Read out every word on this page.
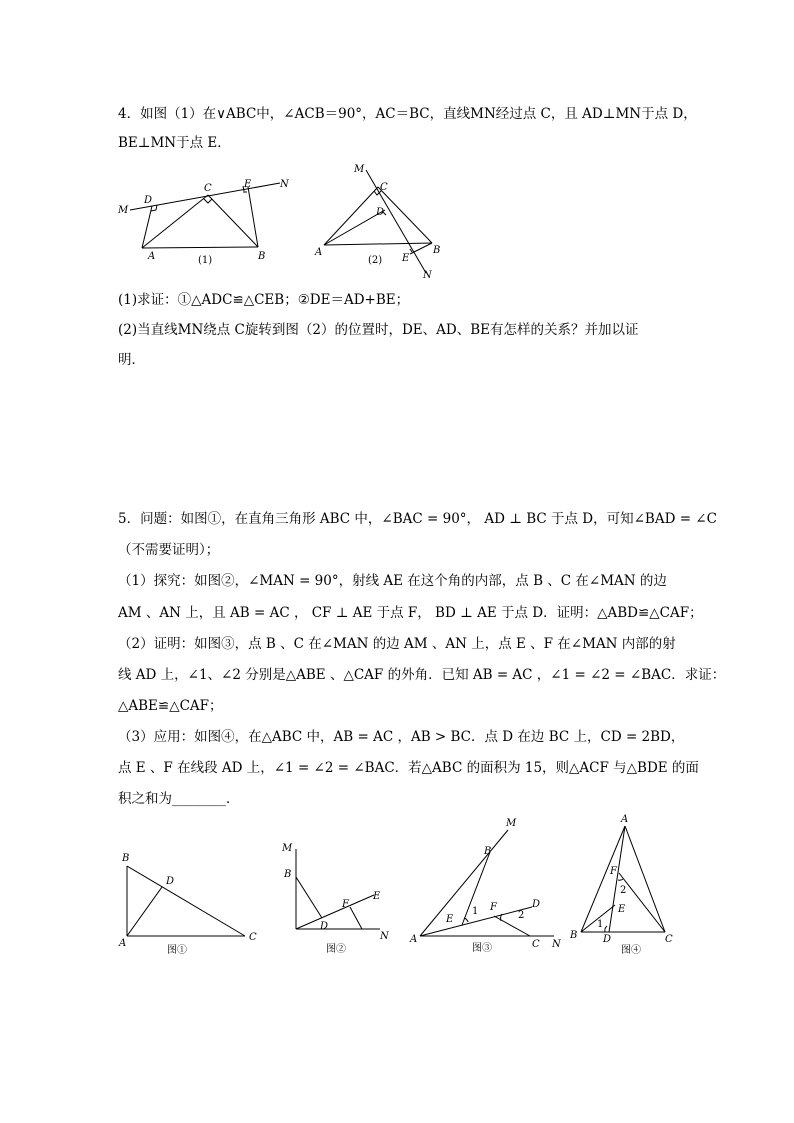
4．如图（1）在∨ABC中，∠ACB＝90°，AC＝BC，直线MN经过点 C，且 AD⊥MN于点 D，
BE⊥MN于点 E．
M
D
C	E	N
A	B
(1)
M
C
D
A	B
E
N
(2)
(1)求证：①△ADC≌△CEB；②DE＝AD+BE；
(2)当直线MN绕点 C旋转到图（2）的位置时，DE、AD、BE有怎样的关系？并加以证
明．
5．问题：如图①，在直角三角形 ABC 中，∠BAC = 90°， AD ⊥ BC 于点 D，可知∠BAD = ∠C
（不需要证明）；
（1）探究：如图②，∠MAN = 90°，射线 AE 在这个角的内部，点 B 、C 在∠MAN 的边
AM 、AN 上，且 AB = AC ， CF ⊥ AE 于点 F， BD ⊥ AE 于点 D．证明：△ABD≌△CAF；
（2）证明：如图③，点 B 、C 在∠MAN 的边 AM 、AN 上，点 E 、F 在∠MAN 内部的射
线 AD 上，∠1、∠2 分别是△ABE 、△CAF 的外角．已知 AB = AC ，∠1 = ∠2 = ∠BAC．求证：
△ABE≌△CAF；
（3）应用：如图④，在△ABC 中，AB = AC ，AB > BC．点 D 在边 BC 上，CD = 2BD，
点 E 、F 在线段 AD 上，∠1 = ∠2 = ∠BAC．若△ABC 的面积为 15，则△ACF 与△BDE 的面
积之和为________．
B
D
A
C
图①
M
B
D
F
E
N
图②
M
B
E
1 F
2
D
A	C N
图③
A
F
2
E
1
B	D	C
图④
